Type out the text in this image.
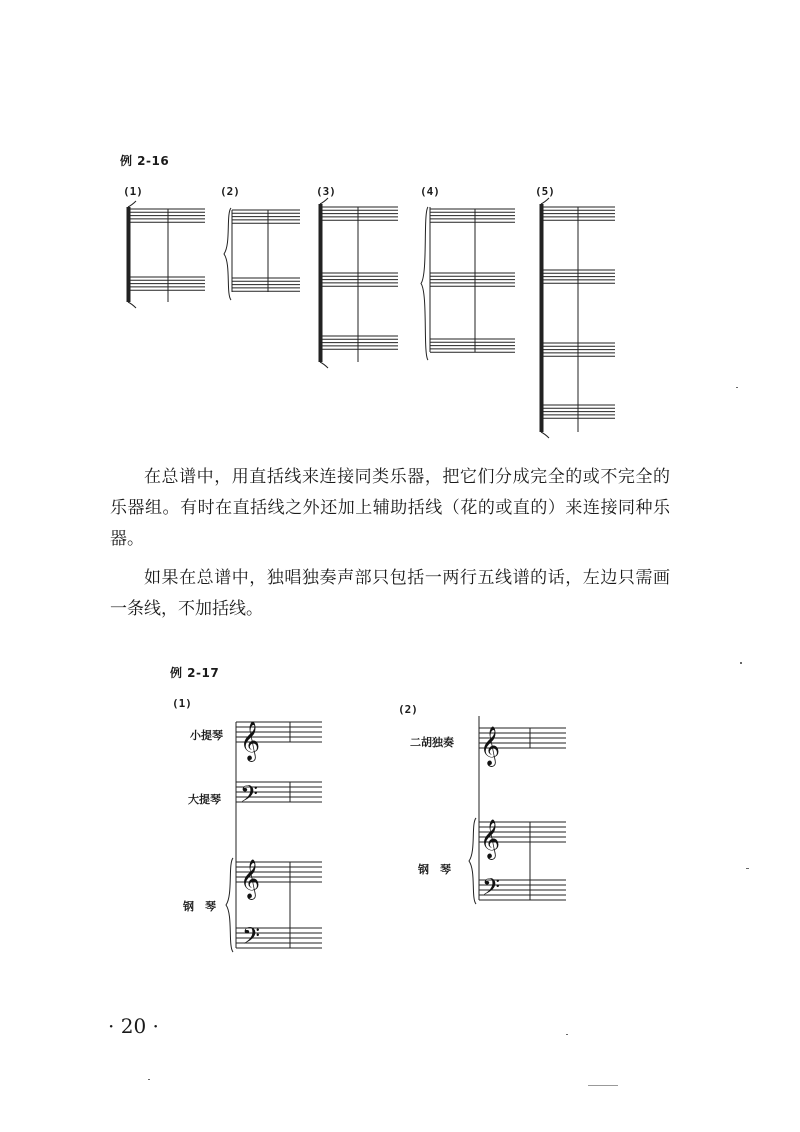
例 2-16
(1)	(2)	(3)	(4)	(5)

在总谱中，用直括线来连接同类乐器，把它们分成完全的或不完全的乐器组。有时在直括线之外还加上辅助括线（花的或直的）来连接同种乐器。

如果在总谱中，独唱独奏声部只包括一两行五线谱的话，左边只需画一条线，不加括线。

例 2-17
(1)	(2)
小提琴
大提琴
钢　琴
二胡独奏
钢　琴
𝄞
𝄢
𝄞
𝄢
𝄞
𝄞
𝄢
· 20 ·
